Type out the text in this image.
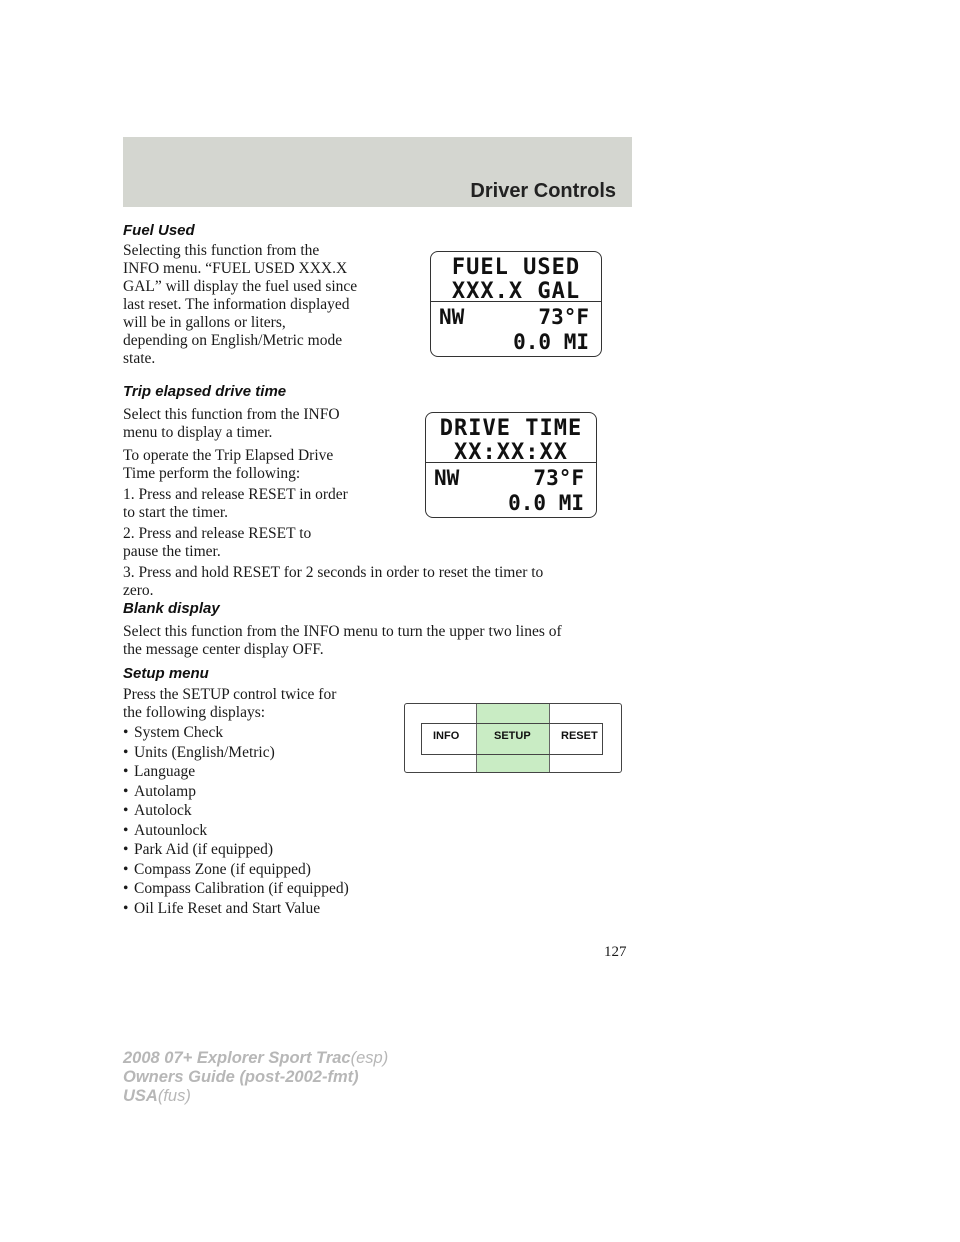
Driver Controls
Fuel Used
Selecting this function from the
INFO menu. “FUEL USED XXX.X
GAL” will display the fuel used since
last reset. The information displayed
will be in gallons or liters,
depending on English/Metric mode
state.
FUEL USED
XXX.X GAL
NW	73°F
0.0 MI
Trip elapsed drive time
Select this function from the INFO
menu to display a timer.
To operate the Trip Elapsed Drive
Time perform the following:
1. Press and release RESET in order
to start the timer.
2. Press and release RESET to
pause the timer.
3. Press and hold RESET for 2 seconds in order to reset the timer to
zero.
DRIVE TIME
XX:XX:XX
NW	73°F
0.0 MI
Blank display
Select this function from the INFO menu to turn the upper two lines of
the message center display OFF.
Setup menu
Press the SETUP control twice for
the following displays:
• System Check
• Units (English/Metric)
• Language
• Autolamp
• Autolock
• Autounlock
• Park Aid (if equipped)
• Compass Zone (if equipped)
• Compass Calibration (if equipped)
• Oil Life Reset and Start Value
INFO	SETUP	RESET
127
2008 07+ Explorer Sport Trac(esp)
Owners Guide (post-2002-fmt)
USA(fus)
